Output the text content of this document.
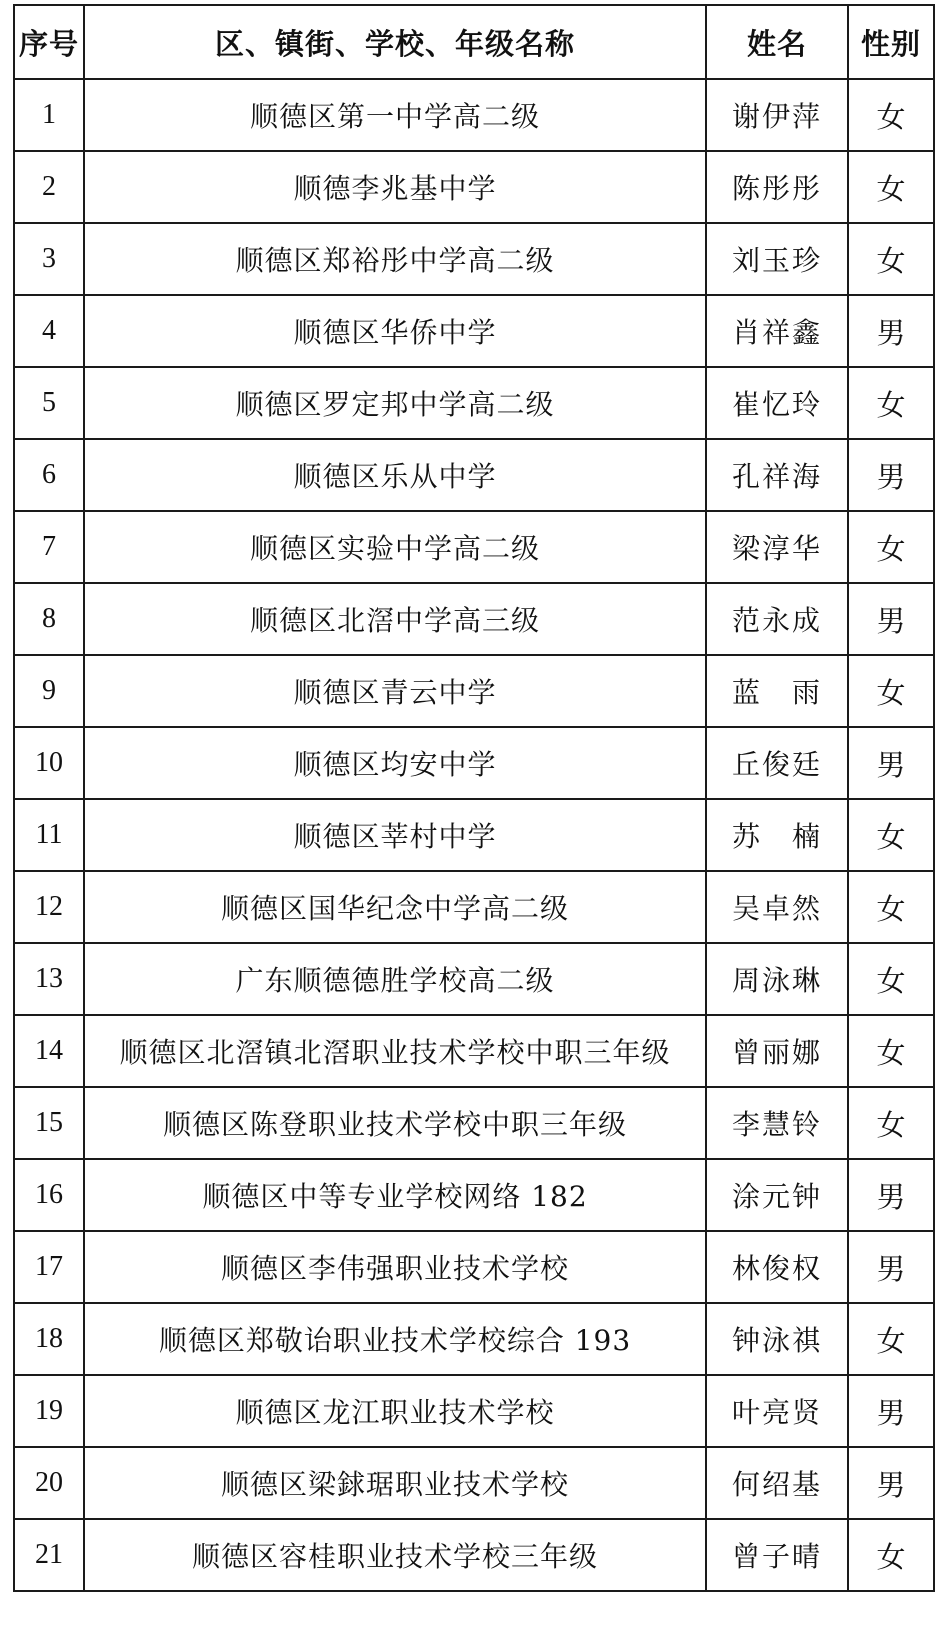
序号	区、镇街、学校、年级名称	姓名	性别
1	顺德区第一中学高二级	谢伊萍	女
2	顺德李兆基中学	陈彤彤	女
3	顺德区郑裕彤中学高二级	刘玉珍	女
4	顺德区华侨中学	肖祥鑫	男
5	顺德区罗定邦中学高二级	崔忆玲	女
6	顺德区乐从中学	孔祥海	男
7	顺德区实验中学高二级	梁淳华	女
8	顺德区北滘中学高三级	范永成	男
9	顺德区青云中学	蓝　雨	女
10	顺德区均安中学	丘俊廷	男
11	顺德区莘村中学	苏　楠	女
12	顺德区国华纪念中学高二级	吴卓然	女
13	广东顺德德胜学校高二级	周泳琳	女
14	顺德区北滘镇北滘职业技术学校中职三年级	曾丽娜	女
15	顺德区陈登职业技术学校中职三年级	李慧铃	女
16	顺德区中等专业学校网络 182	涂元钟	男
17	顺德区李伟强职业技术学校	林俊权	男
18	顺德区郑敬诒职业技术学校综合 193	钟泳祺	女
19	顺德区龙江职业技术学校	叶亮贤	男
20	顺德区梁銶琚职业技术学校	何绍基	男
21	顺德区容桂职业技术学校三年级	曾子晴	女
